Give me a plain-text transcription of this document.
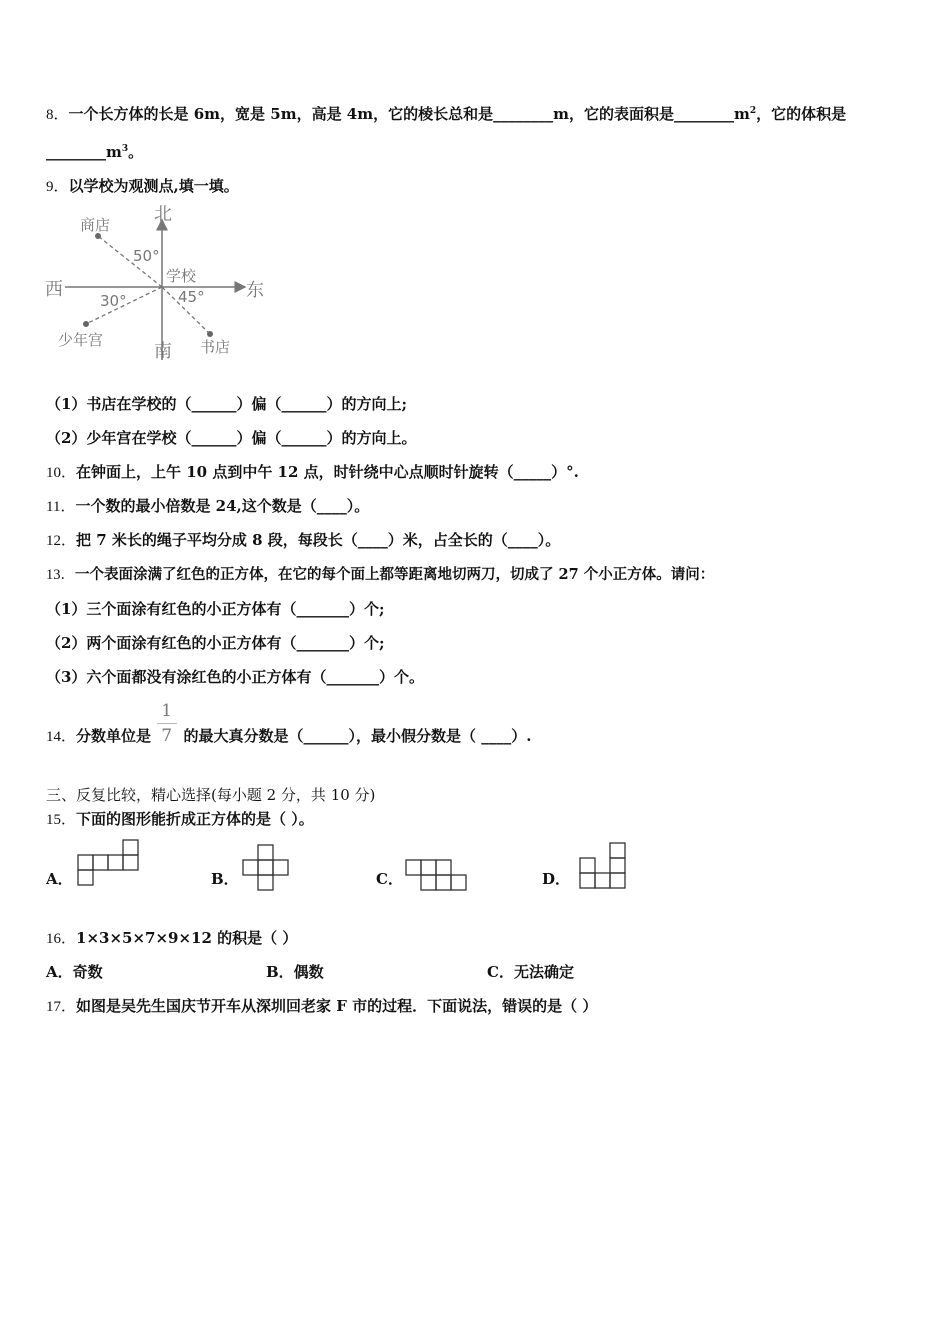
8．一个长方体的长是 6m，宽是 5m，高是 4m，它的棱长总和是________m，它的表面积是$\_\_\_\_\_\_\_\_m^2$，它的体积是
$\_\_\_\_\_\_\_\_m^3$。
9．以学校为观测点,填一填。
北
南
西	东
学校
商店
少年宫	书店
50°
30°	45°
（1）书店在学校的（______）偏（______）的方向上;
（2）少年宫在学校（______）偏（______）的方向上。
10．在钟面上，上午 10 点到中午 12 点，时针绕中心点顺时针旋转（_____）°.
11．一个数的最小倍数是 24,这个数是（____）。
12．把 7 米长的绳子平均分成 8 段，每段长（____）米，占全长的（____）。
13．一个表面涂满了红色的正方体，在它的每个面上都等距离地切两刀，切成了 27 个小正方体。请问：
（1）三个面涂有红色的小正方体有（_______）个;
（2）两个面涂有红色的小正方体有（_______）个;
（3）六个面都没有涂红色的小正方体有（_______）个。
14．分数单位是 $\frac{1}{7}$ 的最大真分数是（______），最小假分数是（ ____）.
三、反复比较，精心选择(每小题 2 分，共 10 分)
15．下面的图形能折成正方体的是（ ）。
A．	B．	C．	D．
16．1×3×5×7×9×12 的积是（ ）
A．奇数	B．偶数	C．无法确定
17．如图是吴先生国庆节开车从深圳回老家 F 市的过程．下面说法，错误的是（ ）
